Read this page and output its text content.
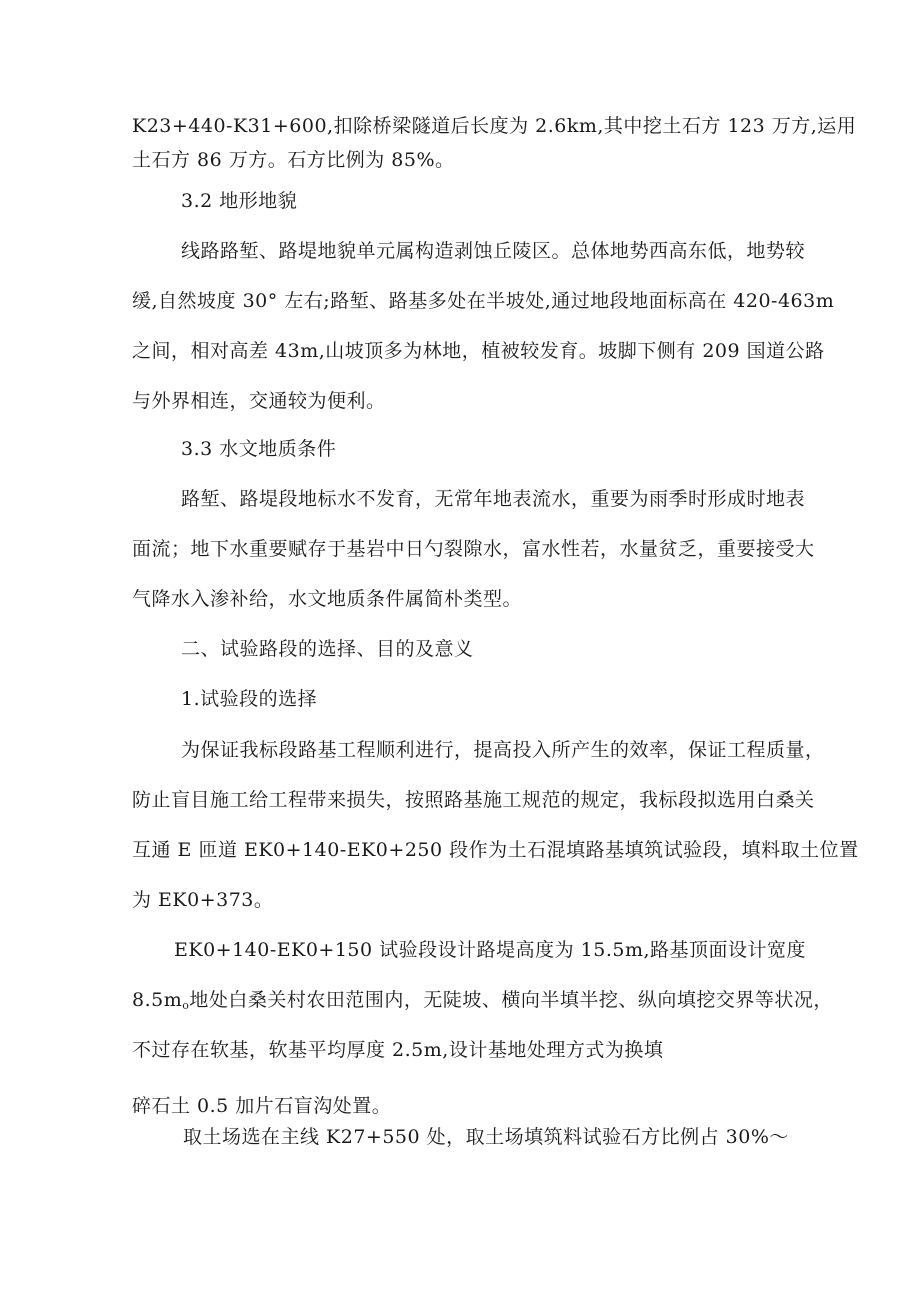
K23+440-K31+600,扣除桥梁隧道后长度为 2.6km,其中挖土石方 123 万方,运用
土石方 86 万方。石方比例为 85%。
3.2 地形地貌
线路路堑、路堤地貌单元属构造剥蚀丘陵区。总体地势西高东低，地势较
缓,自然坡度 30° 左右;路堑、路基多处在半坡处,通过地段地面标高在 420-463m
之间，相对高差 43m,山坡顶多为林地，植被较发育。坡脚下侧有 209 国道公路
与外界相连，交通较为便利。
3.3 水文地质条件
路堑、路堤段地标水不发育，无常年地表流水，重要为雨季时形成时地表
面流；地下水重要赋存于基岩中日勺裂隙水，富水性若，水量贫乏，重要接受大
气降水入渗补给，水文地质条件属简朴类型。
二、试验路段的选择、目的及意义
1.试验段的选择
为保证我标段路基工程顺利进行，提高投入所产生的效率，保证工程质量，
防止盲目施工给工程带来损失，按照路基施工规范的规定，我标段拟选用白桑关
互通 E 匝道 EK0+140-EK0+250 段作为土石混填路基填筑试验段，填料取土位置
为 EK0+373。
EK0+140-EK0+150 试验段设计路堤高度为 15.5m,路基顶面设计宽度
$8.5m_o$地处白桑关村农田范围内，无陡坡、横向半填半挖、纵向填挖交界等状况，
不过存在软基，软基平均厚度 2.5m,设计基地处理方式为换填
碎石土 0.5 加片石盲沟处置。
取土场选在主线 K27+550 处，取土场填筑料试验石方比例占 30%～
